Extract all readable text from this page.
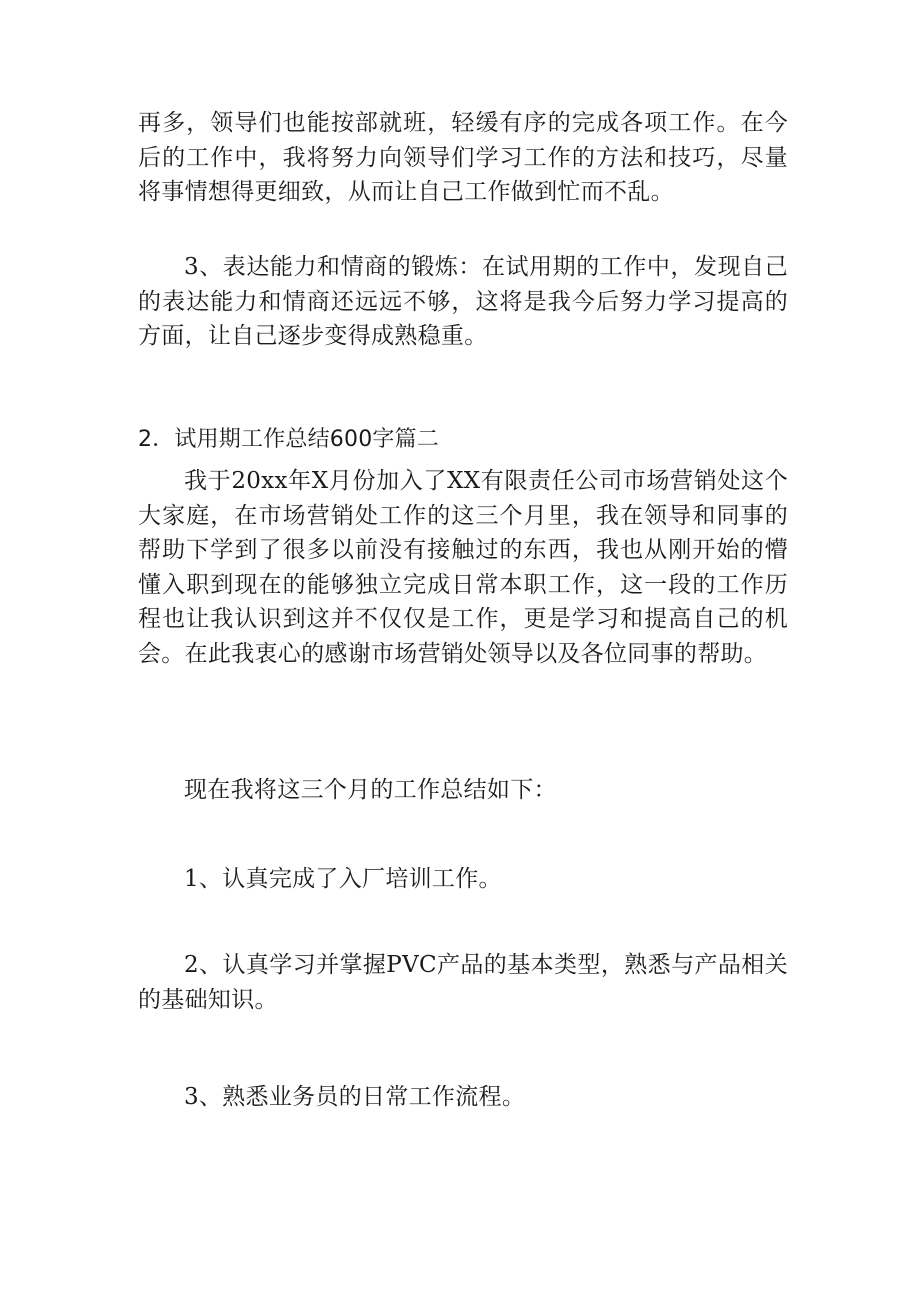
再多，领导们也能按部就班，轻缓有序的完成各项工作。在今后的工作中，我将努力向领导们学习工作的方法和技巧，尽量将事情想得更细致，从而让自己工作做到忙而不乱。

3、表达能力和情商的锻炼：在试用期的工作中，发现自己的表达能力和情商还远远不够，这将是我今后努力学习提高的方面，让自己逐步变得成熟稳重。

2．试用期工作总结600字篇二

我于20xx年X月份加入了XX有限责任公司市场营销处这个大家庭，在市场营销处工作的这三个月里，我在领导和同事的帮助下学到了很多以前没有接触过的东西，我也从刚开始的懵懂入职到现在的能够独立完成日常本职工作，这一段的工作历程也让我认识到这并不仅仅是工作，更是学习和提高自己的机会。在此我衷心的感谢市场营销处领导以及各位同事的帮助。

现在我将这三个月的工作总结如下：

1、认真完成了入厂培训工作。

2、认真学习并掌握PVC产品的基本类型，熟悉与产品相关的基础知识。

3、熟悉业务员的日常工作流程。
